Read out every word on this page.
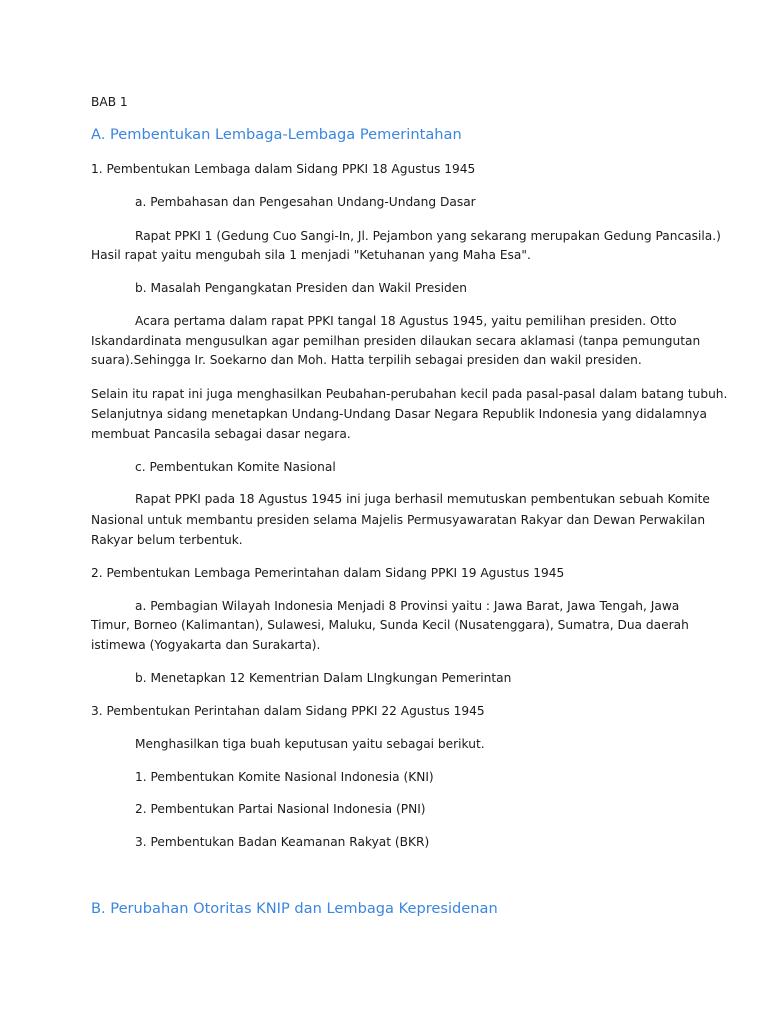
BAB 1

A. Pembentukan Lembaga-Lembaga Pemerintahan

1. Pembentukan Lembaga dalam Sidang PPKI 18 Agustus 1945

a. Pembahasan dan Pengesahan Undang-Undang Dasar

Rapat PPKI 1 (Gedung Cuo Sangi-In, Jl. Pejambon yang sekarang merupakan Gedung Pancasila.)

Hasil rapat yaitu mengubah sila 1 menjadi "Ketuhanan yang Maha Esa".

b. Masalah Pengangkatan Presiden dan Wakil Presiden

Acara pertama dalam rapat PPKI tangal 18 Agustus 1945, yaitu pemilihan presiden. Otto

Iskandardinata mengusulkan agar pemilhan presiden dilaukan secara aklamasi (tanpa pemungutan

suara).Sehingga Ir. Soekarno dan Moh. Hatta terpilih sebagai presiden dan wakil presiden.

Selain itu rapat ini juga menghasilkan Peubahan-perubahan kecil pada pasal-pasal dalam batang tubuh.

Selanjutnya sidang menetapkan Undang-Undang Dasar Negara Republik Indonesia yang didalamnya

membuat Pancasila sebagai dasar negara.

c. Pembentukan Komite Nasional

Rapat PPKI pada 18 Agustus 1945 ini juga berhasil memutuskan pembentukan sebuah Komite

Nasional untuk membantu presiden selama Majelis Permusyawaratan Rakyar dan Dewan Perwakilan

Rakyar belum terbentuk.

2. Pembentukan Lembaga Pemerintahan dalam Sidang PPKI 19 Agustus 1945

a. Pembagian Wilayah Indonesia Menjadi 8 Provinsi yaitu : Jawa Barat, Jawa Tengah, Jawa

Timur, Borneo (Kalimantan), Sulawesi, Maluku, Sunda Kecil (Nusatenggara), Sumatra, Dua daerah

istimewa (Yogyakarta dan Surakarta).

b. Menetapkan 12 Kementrian Dalam LIngkungan Pemerintan

3. Pembentukan Perintahan dalam Sidang PPKI 22 Agustus 1945

Menghasilkan tiga buah keputusan yaitu sebagai berikut.

1. Pembentukan Komite Nasional Indonesia (KNI)

2. Pembentukan Partai Nasional Indonesia (PNI)

3. Pembentukan Badan Keamanan Rakyat (BKR)

B. Perubahan Otoritas KNIP dan Lembaga Kepresidenan
